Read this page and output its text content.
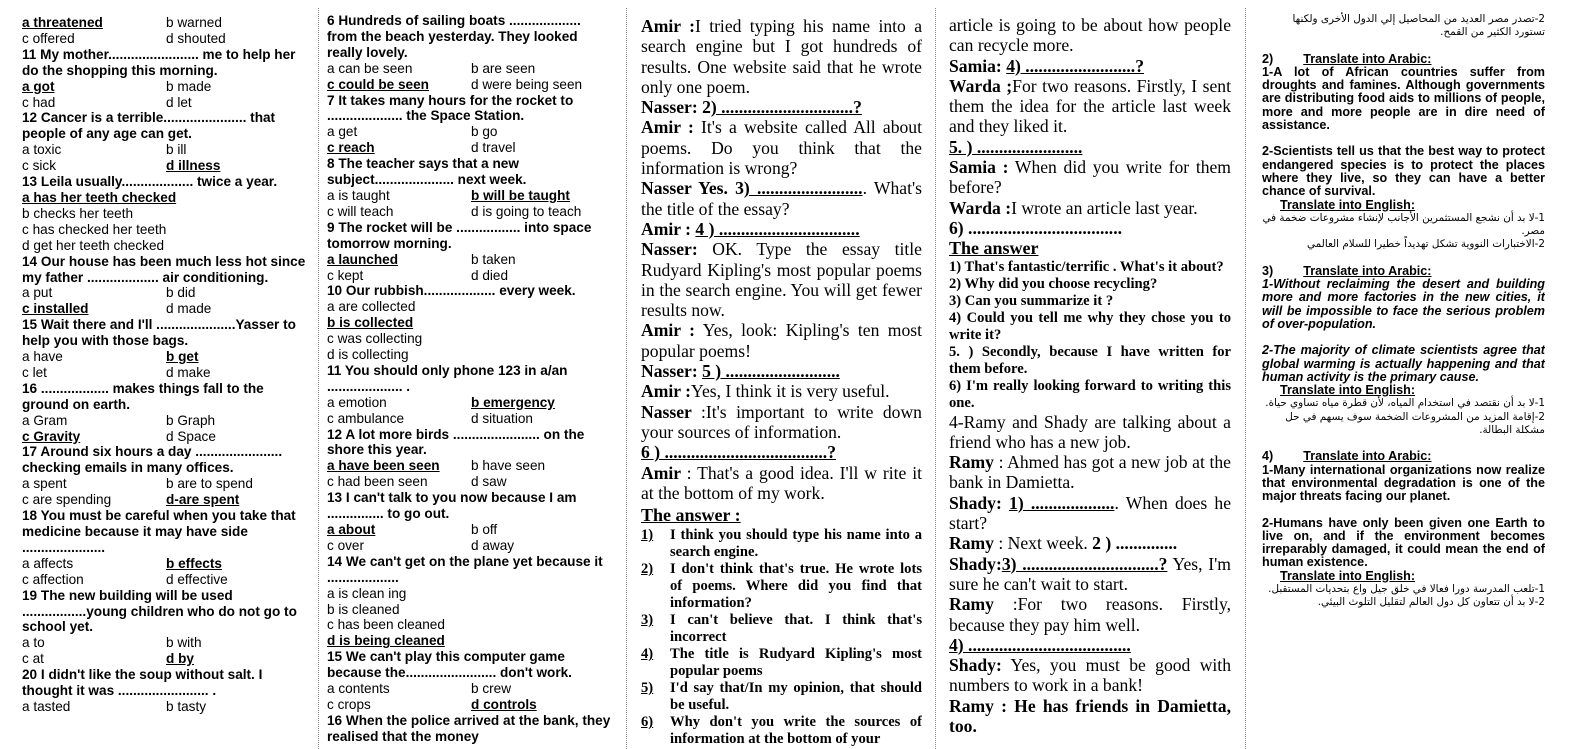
a threatened	b warned
c offered	d shouted
11 My mother........................ me to help her do the shopping this morning.
a got	b made
c had	d let
12 Cancer is a terrible...................... that people of any age can get.
a toxic	b ill
c sick	d illness
13 Leila usually................... twice a year.
a has her teeth checked
b checks her teeth
c has checked her teeth
d get her teeth checked
14 Our house has been much less hot since my father ................... air conditioning.
a put	b did
c installed	d made
15 Wait there and I'll .....................Yasser to help you with those bags.
a have	b get
c let	d make
16 .................. makes things fall to the ground on earth.
a Gram	b Graph
c Gravity	d Space
17 Around six hours a day ....................... checking emails in many offices.
a spent	b are to spend
c are spending	d-are spent
18 You must be careful when you take that medicine because it may have side ......................
a affects	b effects
c affection	d effective
19 The new building will be used .................young children who do not go to school yet.
a to	b with
c at	d by
20 I didn't like the soup without salt. I thought it was ........................ .
a tasted	b tasty
6 Hundreds of sailing boats ................... from the beach yesterday. They looked really lovely.
a can be seen	b are seen
c could be seen	d were being seen
7 It takes many hours for the rocket to .................... the Space Station.
a get	b go
c reach	d travel
8 The teacher says that a new subject..................... next week.
a is taught	b will be taught
c will teach	d is going to teach
9 The rocket will be ................. into space tomorrow morning.
a launched	b taken
c kept	d died
10 Our rubbish................... every week.
a are collected
b is collected
c was collecting
d is collecting
11 You should only phone 123 in a/an .................... .
a emotion	b emergency
c ambulance	d situation
12 A lot more birds ....................... on the shore this year.
a have been seen	b have seen
c had been seen	d saw
13 I can't talk to you now because I am ............... to go out.
a about	b off
c over	d away
14 We can't get on the plane yet because it ...................
a is clean ing
b is cleaned
c has been cleaned
d is being cleaned
15 We can't play this computer game because the........................ don't work.
a contents	b crew
c crops	d controls
16 When the police arrived at the bank, they realised that the money
Amir :I tried typing his name into a search engine but I got hundreds of results. One website said that he wrote only one poem.
Nasser: 2) ..............................?
Amir : It's a website called All about poems. Do you think that the information is wrong?
Nasser Yes. 3) ......................... What's the title of the essay?
Amir : 4 ) ................................
Nasser: OK. Type the essay title Rudyard Kipling's most popular poems in the search engine. You will get fewer results now.
Amir : Yes, look: Kipling's ten most popular poems!
Nasser: 5 ) ..........................
Amir :Yes, I think it is very useful.
Nasser :It's important to write down your sources of information.
6 ) .....................................?
Amir : That's a good idea. I'll w rite it at the bottom of my work.
The answer :
1)	I think you should type his name into a search engine.
2)	I don't think that's true. He wrote lots of poems. Where did you find that information?
3)	I can't believe that. I think that's incorrect
4)	The title is Rudyard Kipling's most popular poems
5)	I'd say that/In my opinion, that should be useful.
6)	Why don't you write the sources of information at the bottom of your
article is going to be about how people can recycle more.
Samia: 4) .........................?
Warda ;For two reasons. Firstly, I sent them the idea for the article last week and they liked it.
5. ) ........................
Samia : When did you write for them before?
Warda :I wrote an article last year.
6) ...................................
The answer
1) That's fantastic/terrific . What's it about?
2) Why did you choose recycling?
3) Can you summarize it ?
4) Could you tell me why they chose you to write it?
5. ) Secondly, because I have written for them before.
6) I'm really looking forward to writing this one.
4-Ramy and Shady are talking about a friend who has a new job.
Ramy : Ahmed has got a new job at the bank in Damietta.
Shady: 1) .................... When does he start?
Ramy : Next week. 2 ) ..............
Shady:3) ...............................? Yes, I'm sure he can't wait to start.
Ramy :For two reasons. Firstly, because they pay him well.
4) .....................................
Shady: Yes, you must be good with numbers to work in a bank!
Ramy : He has friends in Damietta, too.
2-تصدر مصر العديد من المحاصيل إلي الدول الأخرى ولكنها تستورد الكثير من القمح.
2) Translate into Arabic:
1-A lot of African countries suffer from droughts and famines. Although governments are distributing food aids to millions of people, more and more people are in dire need of assistance.
2-Scientists tell us that the best way to protect endangered species is to protect the places where they live, so they can have a better chance of survival.
Translate into English:
1-لا بد أن نشجع المستثمرين الأجانب لإنشاء مشروعات ضخمة في مصر.
2-الاختبارات النووية تشكل تهديداً خطيرا للسلام العالمي
3) Translate into Arabic:
1-Without reclaiming the desert and building more and more factories in the new cities, it will be impossible to face the serious problem of over-population.
2-The majority of climate scientists agree that global warming is actually happening and that human activity is the primary cause.
Translate into English:
1-لا بد أن نقتصد في استخدام المياه، لأن قطرة مياه تساوي حياة.
2-إقامة المزيد من المشروعات الضخمة سوف يسهم في حل مشكلة البطالة.
4) Translate into Arabic:
1-Many international organizations now realize that environmental degradation is one of the major threats facing our planet.
2-Humans have only been given one Earth to live on, and if the environment becomes irreparably damaged, it could mean the end of human existence.
Translate into English:
1-تلعب المدرسة دورا فعالا في خلق جيل واع بتحديات المستقبل.
2-لا بد أن تتعاون كل دول العالم لتقليل التلوث البيئي.
